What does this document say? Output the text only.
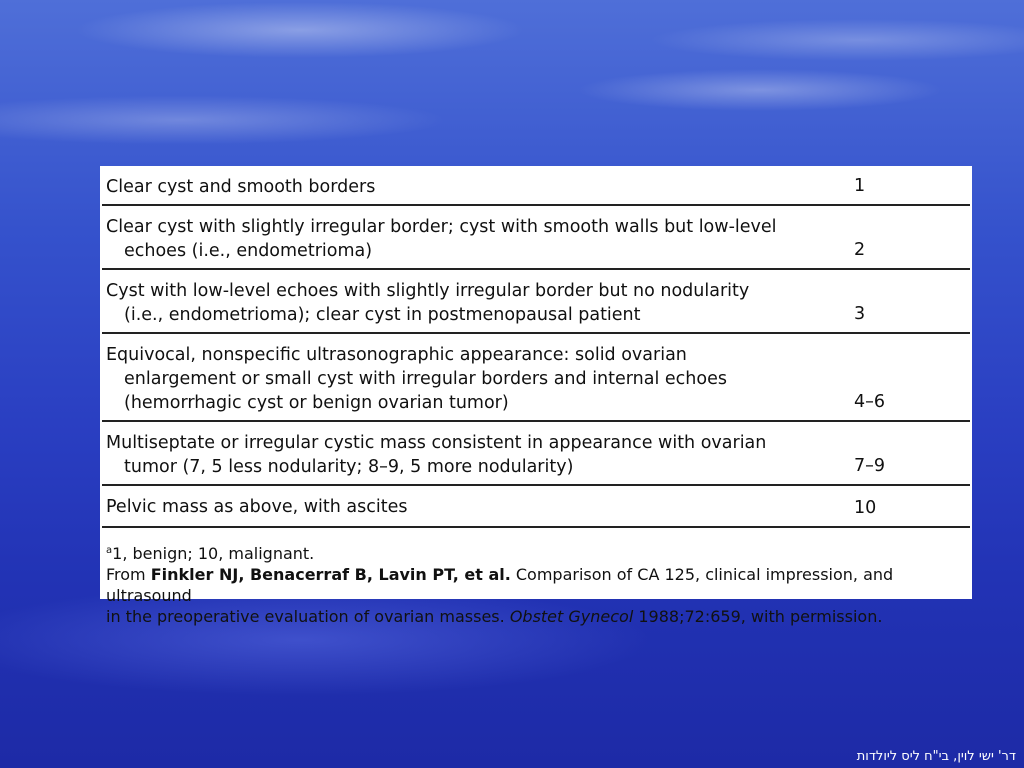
Clear cyst and smooth borders	1
Clear cyst with slightly irregular border; cyst with smooth walls but low-level
echoes (i.e., endometrioma)	2
Cyst with low-level echoes with slightly irregular border but no nodularity
(i.e., endometrioma); clear cyst in postmenopausal patient	3
Equivocal, nonspecific ultrasonographic appearance: solid ovarian
enlargement or small cyst with irregular borders and internal echoes
(hemorrhagic cyst or benign ovarian tumor)	4–6
Multiseptate or irregular cystic mass consistent in appearance with ovarian
tumor (7, 5 less nodularity; 8–9, 5 more nodularity)	7–9
Pelvic mass as above, with ascites	10
$^a$1, benign; 10, malignant.
From Finkler NJ, Benacerraf B, Lavin PT, et al. Comparison of CA 125, clinical impression, and ultrasound
in the preoperative evaluation of ovarian masses. Obstet Gynecol 1988;72:659, with permission.
דר' ישי לוין, בי"ח ליס ליולדות
